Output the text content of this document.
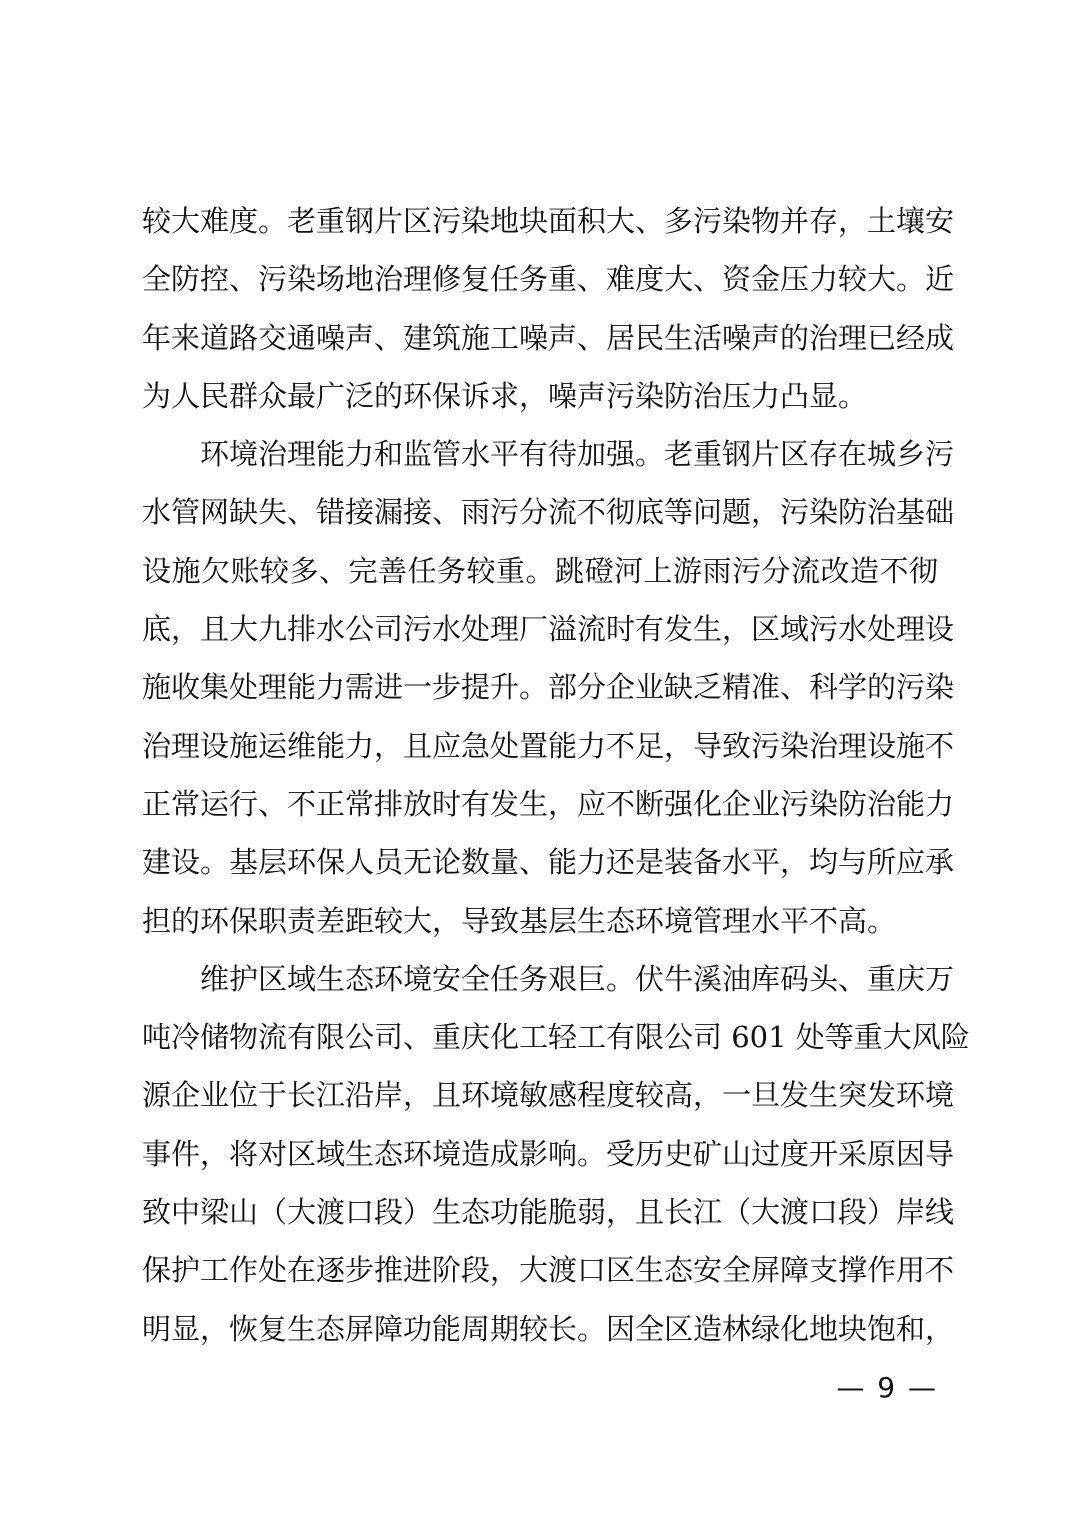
较大难度。老重钢片区污染地块面积大、多污染物并存，土壤安
全防控、污染场地治理修复任务重、难度大、资金压力较大。近
年来道路交通噪声、建筑施工噪声、居民生活噪声的治理已经成
为人民群众最广泛的环保诉求，噪声污染防治压力凸显。
环境治理能力和监管水平有待加强。老重钢片区存在城乡污
水管网缺失、错接漏接、雨污分流不彻底等问题，污染防治基础
设施欠账较多、完善任务较重。跳磴河上游雨污分流改造不彻
底，且大九排水公司污水处理厂溢流时有发生，区域污水处理设
施收集处理能力需进一步提升。部分企业缺乏精准、科学的污染
治理设施运维能力，且应急处置能力不足，导致污染治理设施不
正常运行、不正常排放时有发生，应不断强化企业污染防治能力
建设。基层环保人员无论数量、能力还是装备水平，均与所应承
担的环保职责差距较大，导致基层生态环境管理水平不高。
维护区域生态环境安全任务艰巨。伏牛溪油库码头、重庆万
吨冷储物流有限公司、重庆化工轻工有限公司 601 处等重大风险
源企业位于长江沿岸，且环境敏感程度较高，一旦发生突发环境
事件，将对区域生态环境造成影响。受历史矿山过度开采原因导
致中梁山（大渡口段）生态功能脆弱，且长江（大渡口段）岸线
保护工作处在逐步推进阶段，大渡口区生态安全屏障支撑作用不
明显，恢复生态屏障功能周期较长。因全区造林绿化地块饱和，
— 9 —
